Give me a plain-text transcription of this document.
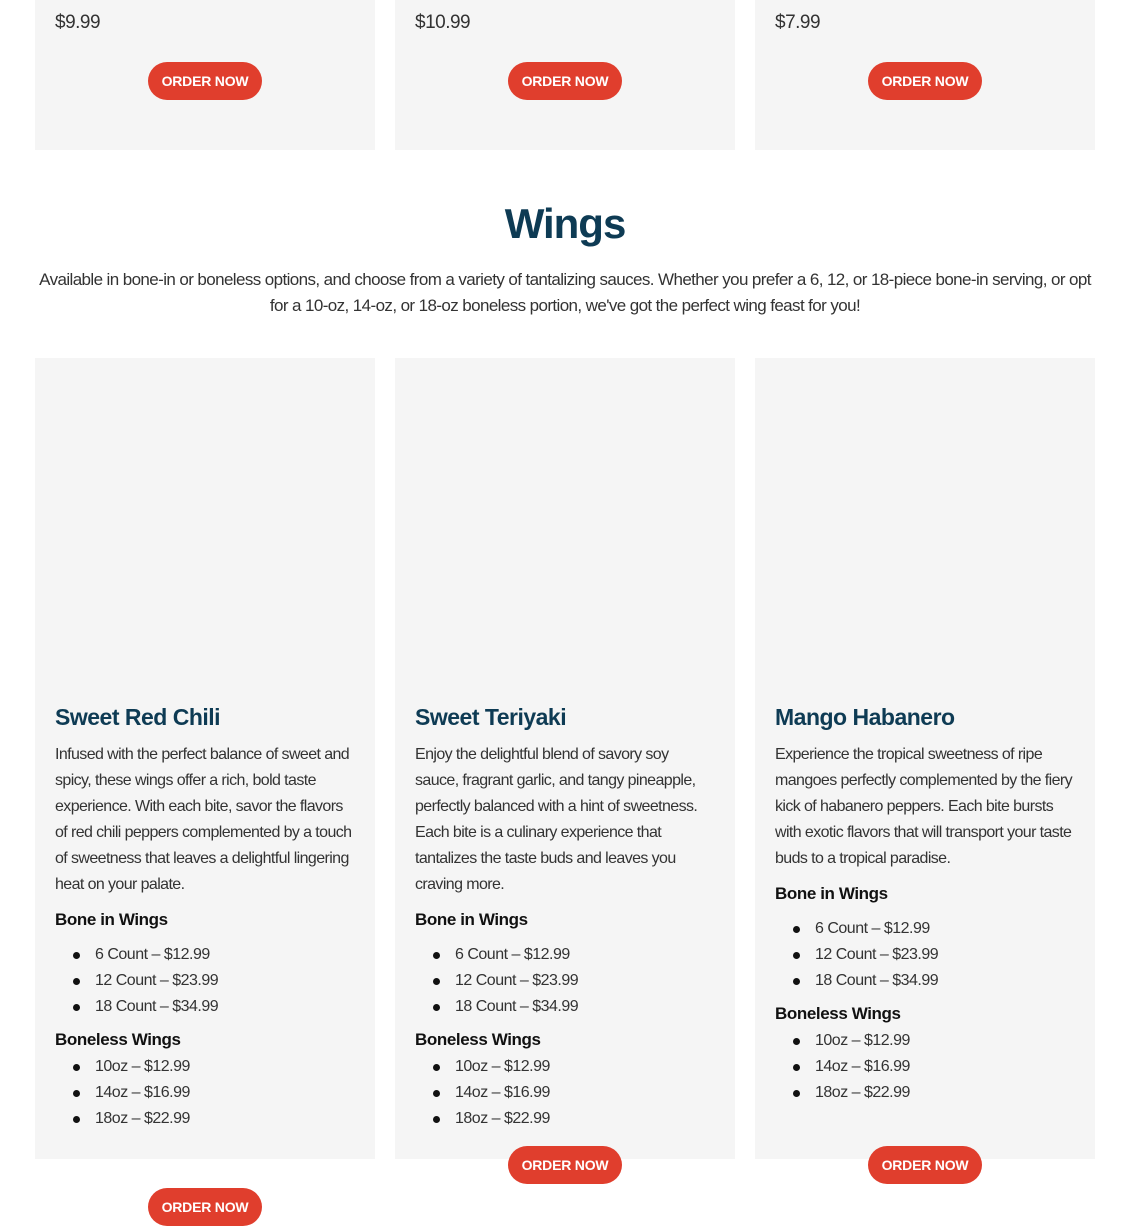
$9.99
ORDER NOW
$10.99
ORDER NOW
$7.99
ORDER NOW
Wings

Available in bone-in or boneless options, and choose from a variety of tantalizing sauces. Whether you prefer a 6, 12, or 18-piece bone-in serving, or opt for a 10-oz, 14-oz, or 18-oz boneless portion, we've got the perfect wing feast for you!

Sweet Red Chili

Infused with the perfect balance of sweet and spicy, these wings offer a rich, bold taste experience. With each bite, savor the flavors of red chili peppers complemented by a touch of sweetness that leaves a delightful lingering heat on your palate.

Bone in Wings
6 Count – $12.99
12 Count – $23.99
18 Count – $34.99
Boneless Wings
10oz – $12.99
14oz – $16.99
18oz – $22.99
ORDER NOW
Sweet Teriyaki

Enjoy the delightful blend of savory soy sauce, fragrant garlic, and tangy pineapple, perfectly balanced with a hint of sweetness. Each bite is a culinary experience that tantalizes the taste buds and leaves you craving more.

Bone in Wings
6 Count – $12.99
12 Count – $23.99
18 Count – $34.99
Boneless Wings
10oz – $12.99
14oz – $16.99
18oz – $22.99
ORDER NOW
Mango Habanero

Experience the tropical sweetness of ripe mangoes perfectly complemented by the fiery kick of habanero peppers. Each bite bursts with exotic flavors that will transport your taste buds to a tropical paradise.

Bone in Wings
6 Count – $12.99
12 Count – $23.99
18 Count – $34.99
Boneless Wings
10oz – $12.99
14oz – $16.99
18oz – $22.99
ORDER NOW
